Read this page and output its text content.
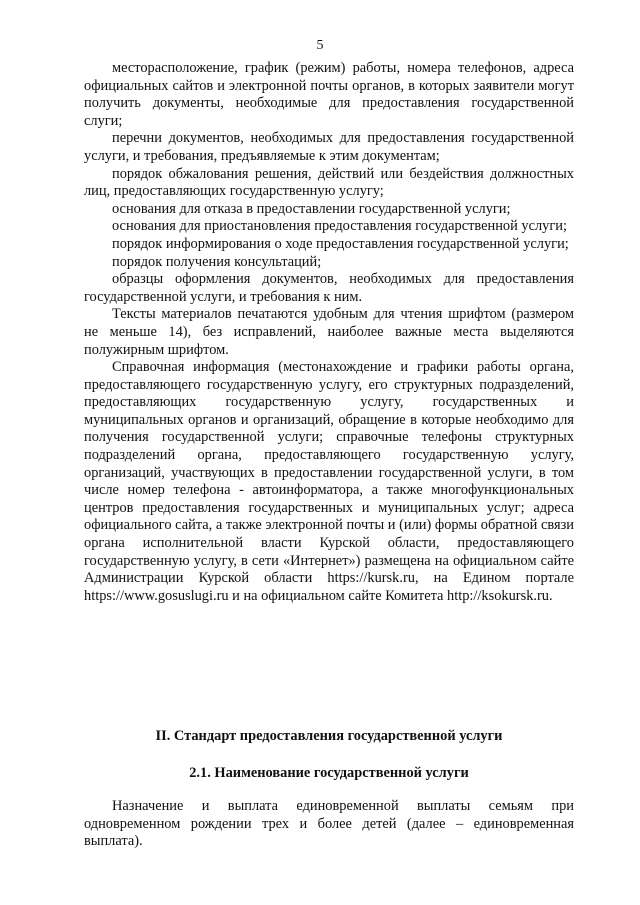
5

месторасположение, график (режим) работы, номера телефонов, адреса официальных сайтов и электронной почты органов, в которых заявители могут получить документы, необходимые для предоставления государственной слуги;

перечни документов, необходимых для предоставления государственной услуги, и требования, предъявляемые к этим документам;

порядок обжалования решения, действий или бездействия должностных лиц, предоставляющих государственную услугу;

основания для отказа в предоставлении государственной услуги;

основания для приостановления предоставления государственной услуги;

порядок информирования о ходе предоставления государственной услуги;

порядок получения консультаций;

образцы оформления документов, необходимых для предоставления государственной услуги, и требования к ним.

Тексты материалов печатаются удобным для чтения шрифтом (размером не меньше 14), без исправлений, наиболее важные места выделяются полужирным шрифтом.

Справочная информация (местонахождение и графики работы органа, предоставляющего государственную услугу, его структурных подразделений, предоставляющих государственную услугу, государственных и муниципальных органов и организаций, обращение в которые необходимо для получения государственной услуги; справочные телефоны структурных подразделений органа, предоставляющего государственную услугу, организаций, участвующих в предоставлении государственной услуги, в том числе номер телефона - автоинформатора, а также многофункциональных центров предоставления государственных и муниципальных услуг; адреса официального сайта, а также электронной почты и (или) формы обратной связи органа исполнительной власти Курской области, предоставляющего государственную услугу, в сети «Интернет») размещена на официальном сайте Администрации Курской области https://kursk.ru, на Едином портале https://www.gosuslugi.ru и на официальном сайте Комитета http://ksokursk.ru.

II. Стандарт предоставления государственной услуги
2.1. Наименование государственной услуги

Назначение и выплата единовременной выплаты семьям при одновременном рождении трех и более детей (далее – единовременная выплата).
